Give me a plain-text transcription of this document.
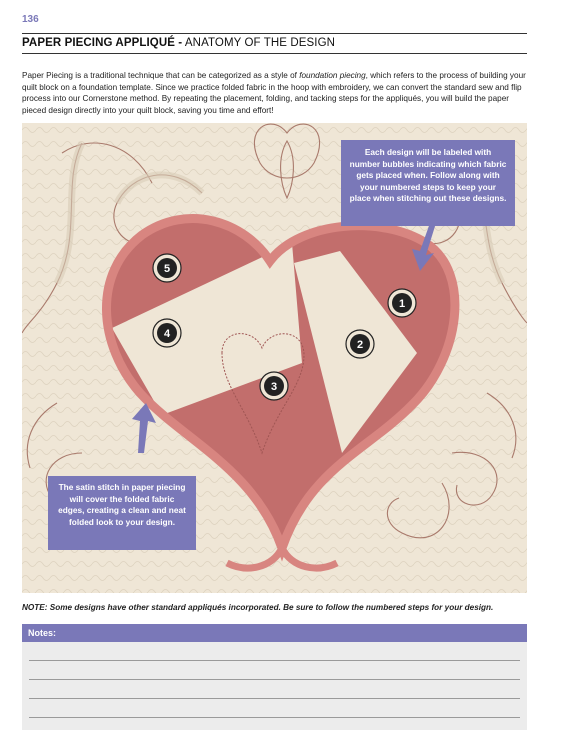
136
PAPER PIECING APPLIQUÉ - ANATOMY OF THE DESIGN
Paper Piecing is a traditional technique that can be categorized as a style of foundation piecing, which refers to the process of building your quilt block on a foundation template. Since we practice folded fabric in the hoop with embroidery, we can convert the standard sew and flip process into our Cornerstone method. By repeating the placement, folding, and tacking steps for the appliqués, you will build the paper pieced design directly into your quilt block, saving you time and effort!
5
4
3
2
1
Each design will be labeled with number bubbles indicating which fabric gets placed when. Follow along with your numbered steps to keep your place when stitching out these designs.
The satin stitch in paper piecing will cover the folded fabric edges, creating a clean and neat folded look to your design.
NOTE: Some designs have other standard appliqués incorporated. Be sure to follow the numbered steps for your design.
Notes:
